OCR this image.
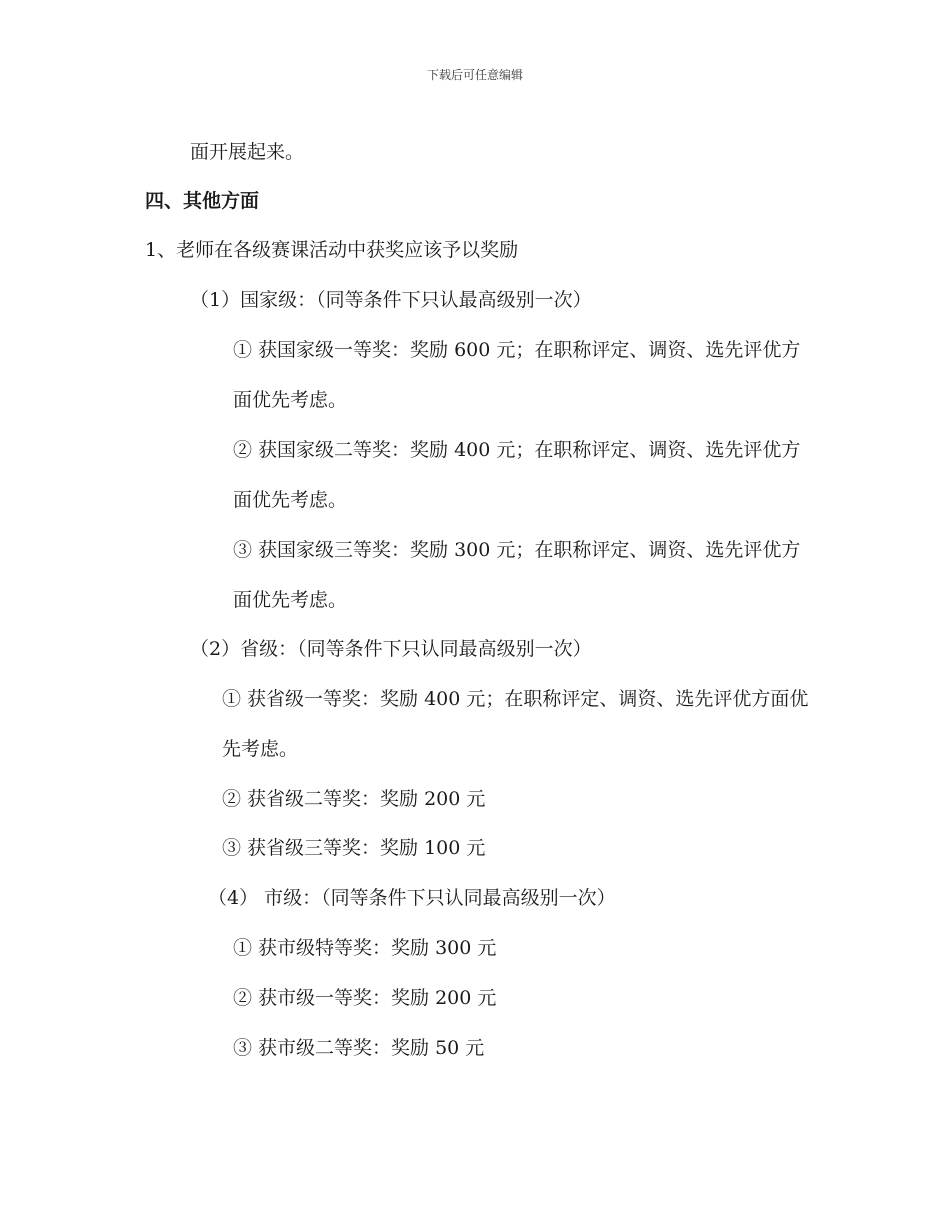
下载后可任意编辑
面开展起来。
四、其他方面
1、老师在各级赛课活动中获奖应该予以奖励
（1）国家级：（同等条件下只认最高级别一次）
① 获国家级一等奖：奖励 600 元；在职称评定、调资、选先评优方
面优先考虑。
② 获国家级二等奖：奖励 400 元；在职称评定、调资、选先评优方
面优先考虑。
③ 获国家级三等奖：奖励 300 元；在职称评定、调资、选先评优方
面优先考虑。
（2）省级：（同等条件下只认同最高级别一次）
① 获省级一等奖：奖励 400 元；在职称评定、调资、选先评优方面优
先考虑。
② 获省级二等奖：奖励 200 元
③ 获省级三等奖：奖励 100 元
（4） 市级：（同等条件下只认同最高级别一次）
① 获市级特等奖：奖励 300 元
② 获市级一等奖：奖励 200 元
③ 获市级二等奖：奖励 50 元
